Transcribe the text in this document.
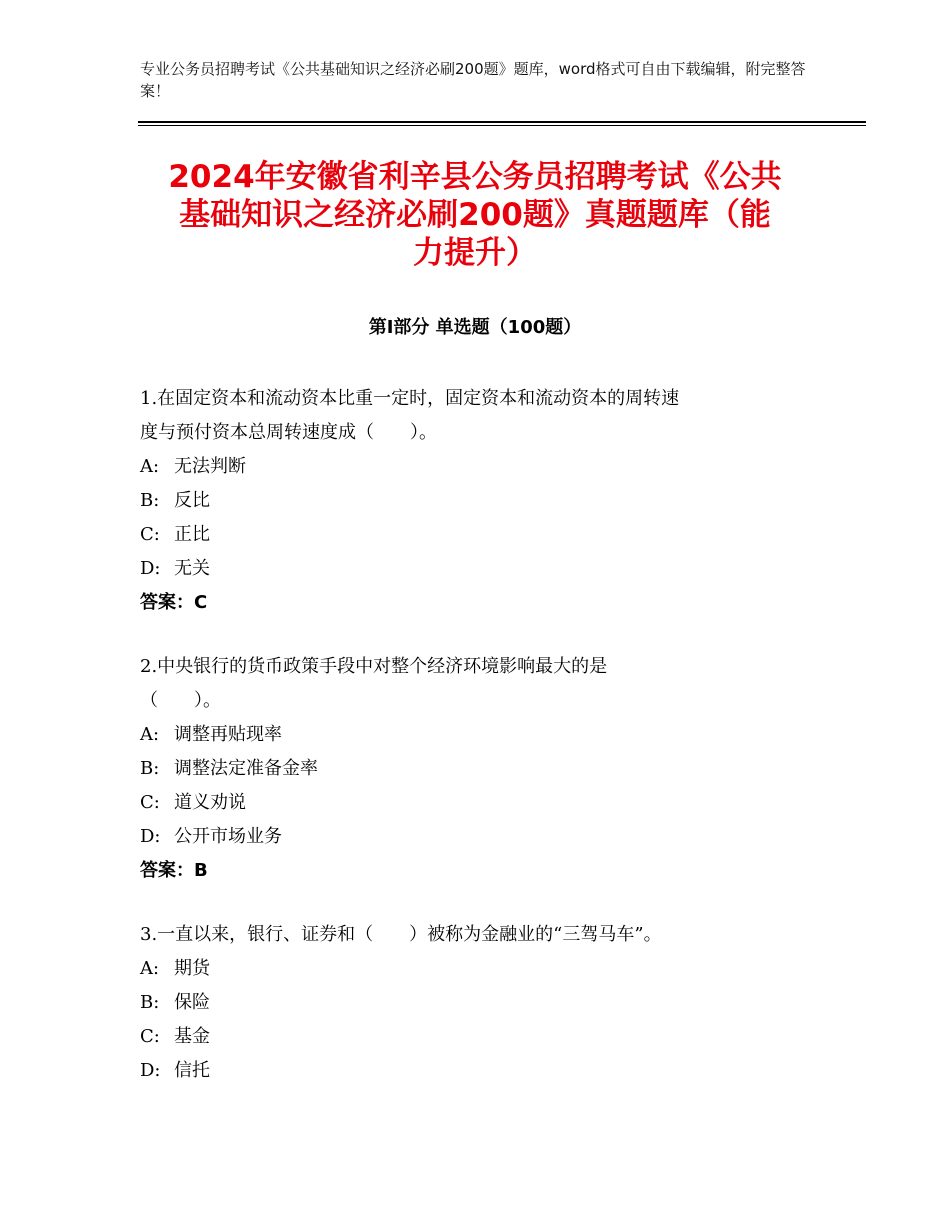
专业公务员招聘考试《公共基础知识之经济必刷200题》题库，word格式可自由下载编辑，附完整答案！
2024年安徽省利辛县公务员招聘考试《公共
基础知识之经济必刷200题》真题题库（能
力提升）
第I部分 单选题（100题）

1.在固定资本和流动资本比重一定时，固定资本和流动资本的周转速

度与预付资本总周转速度成（　　）。

A: 无法判断

B: 反比

C: 正比

D: 无关

答案：C

2.中央银行的货币政策手段中对整个经济环境影响最大的是

（　　）。

A: 调整再贴现率

B: 调整法定准备金率

C: 道义劝说

D: 公开市场业务

答案：B

3.一直以来，银行、证券和（　　）被称为金融业的“三驾马车”。

A: 期货

B: 保险

C: 基金

D: 信托
